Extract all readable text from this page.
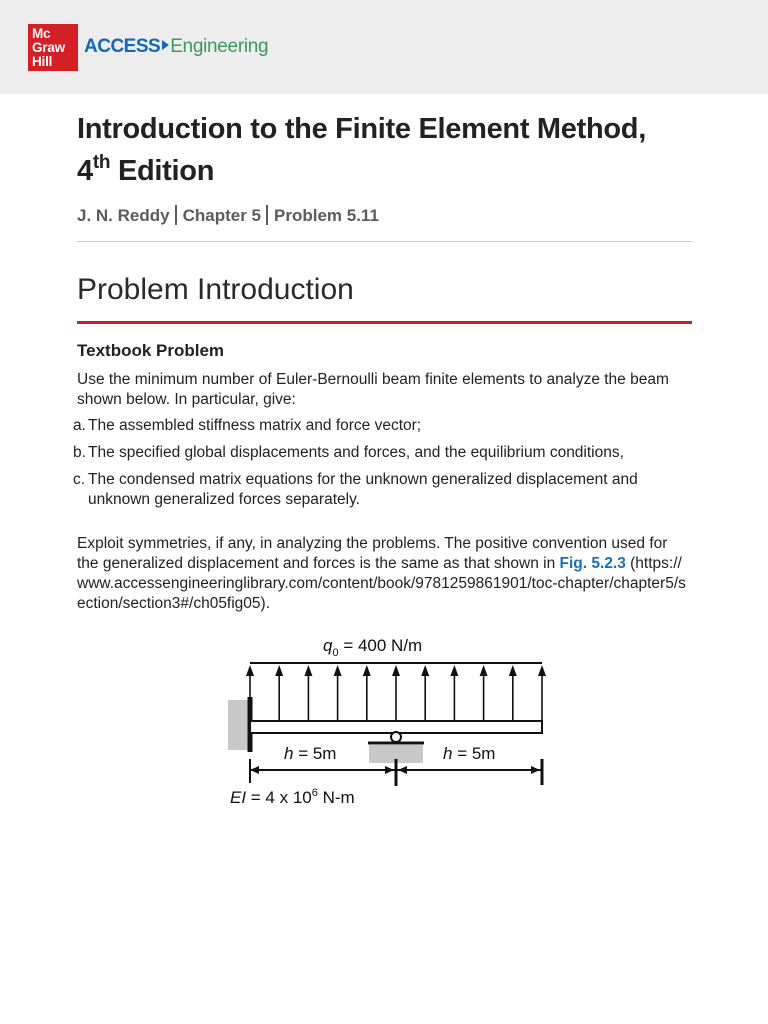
Mc
Graw
Hill
ACCESS Engineering
Introduction to the Finite Element Method,
4th Edition
J. N. Reddy Chapter 5 Problem 5.11
Problem Introduction
Textbook Problem

Use the minimum number of Euler-Bernoulli beam finite elements to analyze the beam shown below. In particular, give:

a. The assembled stiffness matrix and force vector;
b. The specified global displacements and forces, and the equilibrium conditions,
c. The condensed matrix equations for the unknown generalized displacement and unknown generalized forces separately.

Exploit symmetries, if any, in analyzing the problems. The positive convention used for the generalized displacement and forces is the same as that shown in Fig. 5.2.3 (https://www.accessengineeringlibrary.com/content/book/9781259861901/toc-chapter/chapter5/section/section3#/ch05fig05).

$q_0 = 400$ N/m
h = 5m	h = 5m
EI = 4 x $10^6$ N-m
